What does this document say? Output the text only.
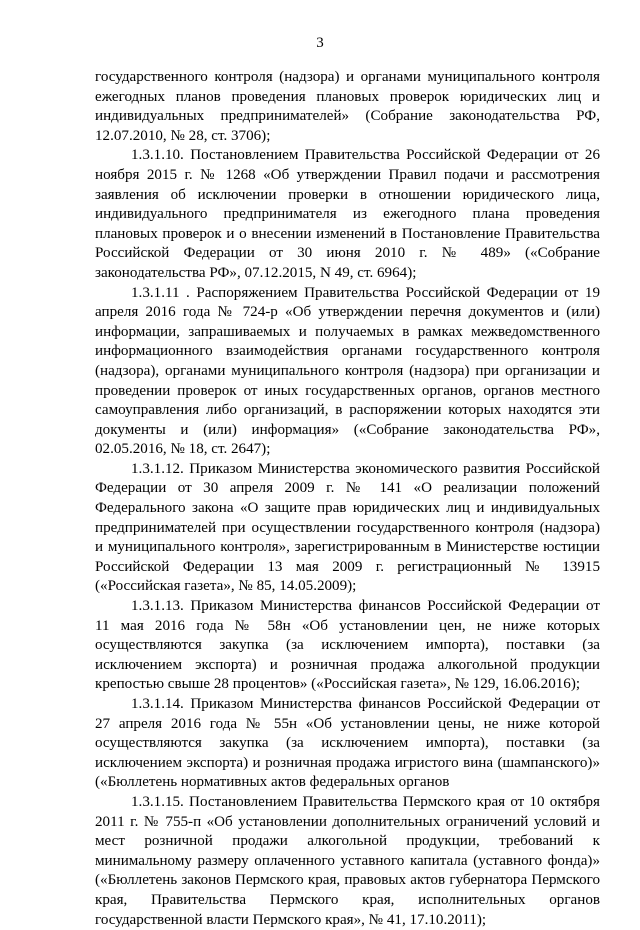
3

государственного контроля (надзора) и органами муниципального контроля ежегодных планов проведения плановых проверок юридических лиц и индивидуальных предпринимателей» (Собрание законодательства РФ, 12.07.2010, № 28, ст. 3706);

1.3.1.10. Постановлением Правительства Российской Федерации от 26 ноября 2015 г. № 1268 «Об утверждении Правил подачи и рассмотрения заявления об исключении проверки в отношении юридического лица, индивидуального предпринимателя из ежегодного плана проведения плановых проверок и о внесении изменений в Постановление Правительства Российской Федерации от 30 июня 2010 г. № 489» («Собрание законодательства РФ», 07.12.2015, N 49, ст. 6964);

1.3.1.11 . Распоряжением Правительства Российской Федерации от 19 апреля 2016 года № 724-р «Об утверждении перечня документов и (или) информации, запрашиваемых и получаемых в рамках межведомственного информационного взаимодействия органами государственного контроля (надзора), органами муниципального контроля (надзора) при организации и проведении проверок от иных государственных органов, органов местного самоуправления либо организаций, в распоряжении которых находятся эти документы и (или) информация» («Собрание законодательства РФ», 02.05.2016, № 18, ст. 2647);

1.3.1.12. Приказом Министерства экономического развития Российской Федерации от 30 апреля 2009 г. № 141 «О реализации положений Федерального закона «О защите прав юридических лиц и индивидуальных предпринимателей при осуществлении государственного контроля (надзора) и муниципального контроля», зарегистрированным в Министерстве юстиции Российской Федерации 13 мая 2009 г. регистрационный № 13915 («Российская газета», № 85, 14.05.2009);

1.3.1.13. Приказом Министерства финансов Российской Федерации от 11 мая 2016 года № 58н «Об установлении цен, не ниже которых осуществляются закупка (за исключением импорта), поставки (за исключением экспорта) и розничная продажа алкогольной продукции крепостью свыше 28 процентов» («Российская газета», № 129, 16.06.2016);

1.3.1.14. Приказом Министерства финансов Российской Федерации от 27 апреля 2016 года № 55н «Об установлении цены, не ниже которой осуществляются закупка (за исключением импорта), поставки (за исключением экспорта) и розничная продажа игристого вина (шампанского)» («Бюллетень нормативных актов федеральных органов

1.3.1.15. Постановлением Правительства Пермского края от 10 октября 2011 г. № 755-п «Об установлении дополнительных ограничений условий и мест розничной продажи алкогольной продукции, требований к минимальному размеру оплаченного уставного капитала (уставного фонда)» («Бюллетень законов Пермского края, правовых актов губернатора Пермского края, Правительства Пермского края, исполнительных органов государственной власти Пермского края», № 41, 17.10.2011);
